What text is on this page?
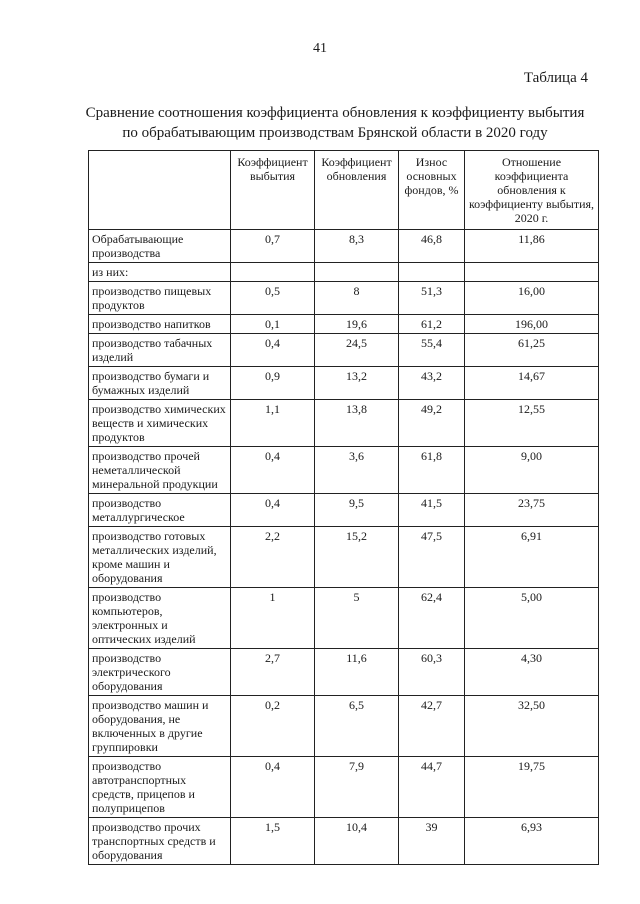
41
Таблица 4
Сравнение соотношения коэффициента обновления к коэффициенту выбытия
по обрабатывающим производствам Брянской области в 2020 году
	Коэффициент выбытия	Коэффициент обновления	Износ основных фондов, %	Отношение коэффициента обновления к коэффициенту выбытия, 2020 г.
Обрабатывающие производства	0,7	8,3	46,8	11,86
из них:				
производство пищевых продуктов	0,5	8	51,3	16,00
производство напитков	0,1	19,6	61,2	196,00
производство табачных изделий	0,4	24,5	55,4	61,25
производство бумаги и бумажных изделий	0,9	13,2	43,2	14,67
производство химических веществ и химических продуктов	1,1	13,8	49,2	12,55
производство прочей неметаллической минеральной продукции	0,4	3,6	61,8	9,00
производство металлургическое	0,4	9,5	41,5	23,75
производство готовых металлических изделий, кроме машин и оборудования	2,2	15,2	47,5	6,91
производство компьютеров, электронных и оптических изделий	1	5	62,4	5,00
производство электрического оборудования	2,7	11,6	60,3	4,30
производство машин и оборудования, не включенных в другие группировки	0,2	6,5	42,7	32,50
производство автотранспортных средств, прицепов и полуприцепов	0,4	7,9	44,7	19,75
производство прочих транспортных средств и оборудования	1,5	10,4	39	6,93
